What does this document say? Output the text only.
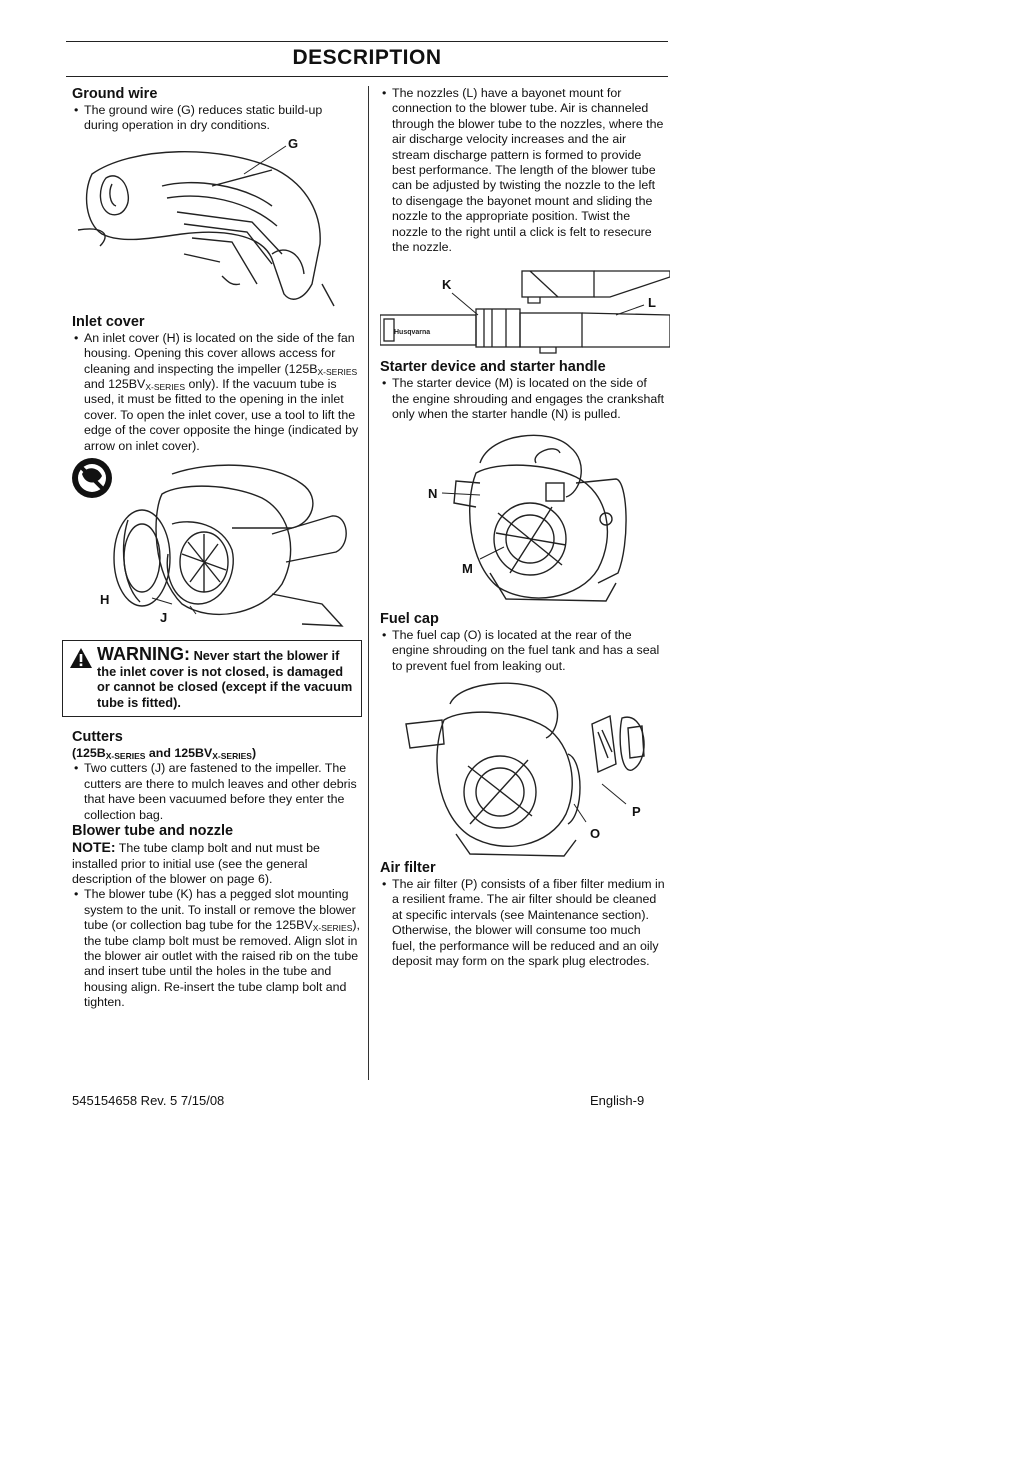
DESCRIPTION
Ground wire

• The ground wire (G) reduces static build-up during operation in dry conditions.

G
Inlet cover

• An inlet cover (H) is located on the side of the fan housing. Opening this cover allows access for cleaning and inspecting the impeller ($125B_{X-SERIES}$ and $125BV_{X-SERIES}$ only). If the vacuum tube is used, it must be fitted to the opening in the inlet cover. To open the inlet cover, use a tool to lift the edge of the cover opposite the hinge (indicated by arrow on inlet cover).

H
J
WARNING: Never start the blower if the inlet cover is not closed, is damaged or cannot be closed (except if the vacuum tube is fitted).
Cutters

($125B_{X-SERIES}$ and $125BV_{X-SERIES}$)

• Two cutters (J) are fastened to the impeller. The cutters are there to mulch leaves and other debris that have been vacuumed before they enter the collection bag.

Blower tube and nozzle

NOTE: The tube clamp bolt and nut must be installed prior to initial use (see the general description of the blower on page 6).

• The blower tube (K) has a pegged slot mounting system to the unit. To install or remove the blower tube (or collection bag tube for the $125BV_{X-SERIES}$), the tube clamp bolt must be removed. Align slot in the blower air outlet with the raised rib on the tube and insert tube until the holes in the tube and housing align. Re-insert the tube clamp bolt and tighten.

• The nozzles (L) have a bayonet mount for connection to the blower tube. Air is channeled through the blower tube to the nozzles, where the air discharge velocity increases and the air stream discharge pattern is formed to provide best performance. The length of the blower tube can be adjusted by twisting the nozzle to the left to disengage the bayonet mount and sliding the nozzle to the appropriate position. Twist the nozzle to the right until a click is felt to resecure the nozzle.

Husqvarna
K
L
Starter device and starter handle

• The starter device (M) is located on the side of the engine shrouding and engages the crankshaft only when the starter handle (N) is pulled.

N
M
Fuel cap

• The fuel cap (O) is located at the rear of the engine shrouding on the fuel tank and has a seal to prevent fuel from leaking out.

P
O
Air filter

• The air filter (P) consists of a fiber filter medium in a resilient frame. The air filter should be cleaned at specific intervals (see Maintenance section). Otherwise, the blower will consume too much fuel, the performance will be reduced and an oily deposit may form on the spark plug electrodes.

545154658 Rev. 5 7/15/08	English-9
